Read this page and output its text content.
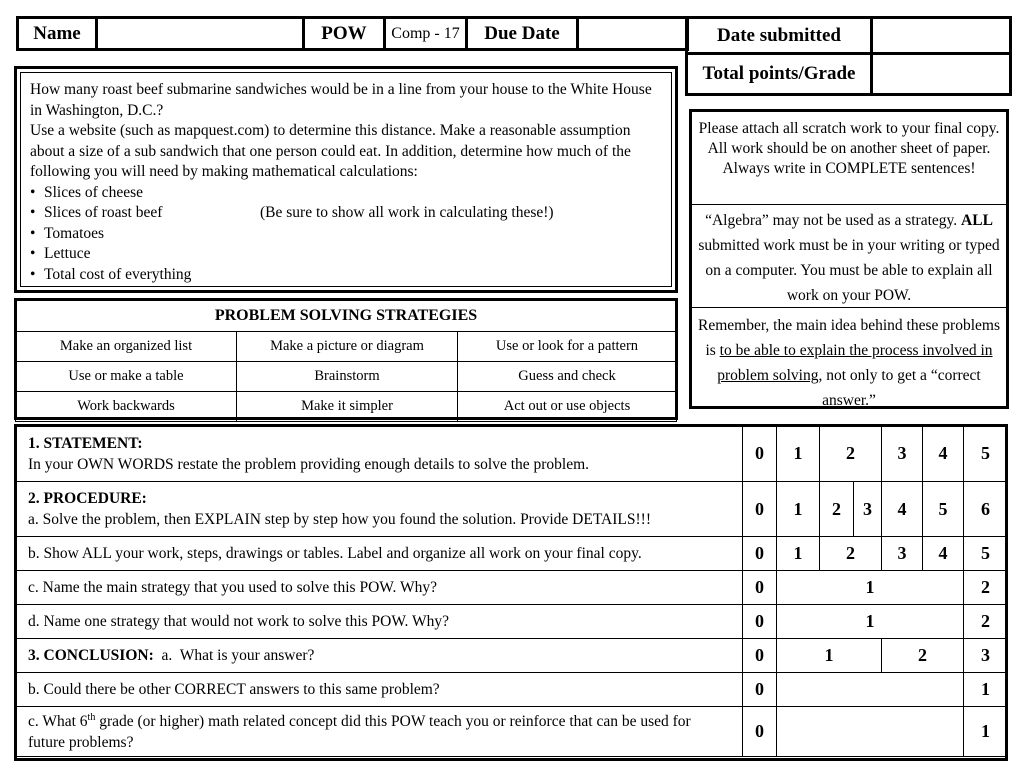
Name		POW	Comp - 17	Due Date		Date submitted	
Total points/Grade	

How many roast beef submarine sandwiches would be in a line from your house to the White House in Washington, D.C.?

Use a website (such as mapquest.com) to determine this distance. Make a reasonable assumption about a size of a sub sandwich that one person could eat. In addition, determine how much of the following you will need by making mathematical calculations:

• Slices of cheese
• Slices of roast beef	(Be sure to show all work in calculating these!)
• Tomatoes
• Lettuce
• Total cost of everything
PROBLEM SOLVING STRATEGIES		
Make an organized list	Make a picture or diagram	Use or look for a pattern
Use or make a table	Brainstorm	Guess and check
Work backwards	Make it simpler	Act out or use objects
Please attach all scratch work to your final copy. All work should be on another sheet of paper. Always write in COMPLETE sentences!
“Algebra” may not be used as a strategy. ALL submitted work must be in your writing or typed on a computer. You must be able to explain all work on your POW.
Remember, the main idea behind these problems is to be able to explain the process involved in problem solving, not only to get a “correct answer.”
1. STATEMENT:
In your OWN WORDS restate the problem providing enough details to solve the problem.	0	1	2		3	4	5
2. PROCEDURE:
a. Solve the problem, then EXPLAIN step by step how you found the solution. Provide DETAILS!!!	0	1	2	3	4	5	6
b. Show ALL your work, steps, drawings or tables. Label and organize all work on your final copy.	0	1	2		3	4	5
c. Name the main strategy that you used to solve this POW. Why?	0	1					2
d. Name one strategy that would not work to solve this POW. Why?	0	1					2
3. CONCLUSION:  a.  What is your answer?	0	1			2		3
b. Could there be other CORRECT answers to this same problem?	0						1
c. What 6th grade (or higher) math related concept did this POW teach you or reinforce that can be used for future problems?	0						1
